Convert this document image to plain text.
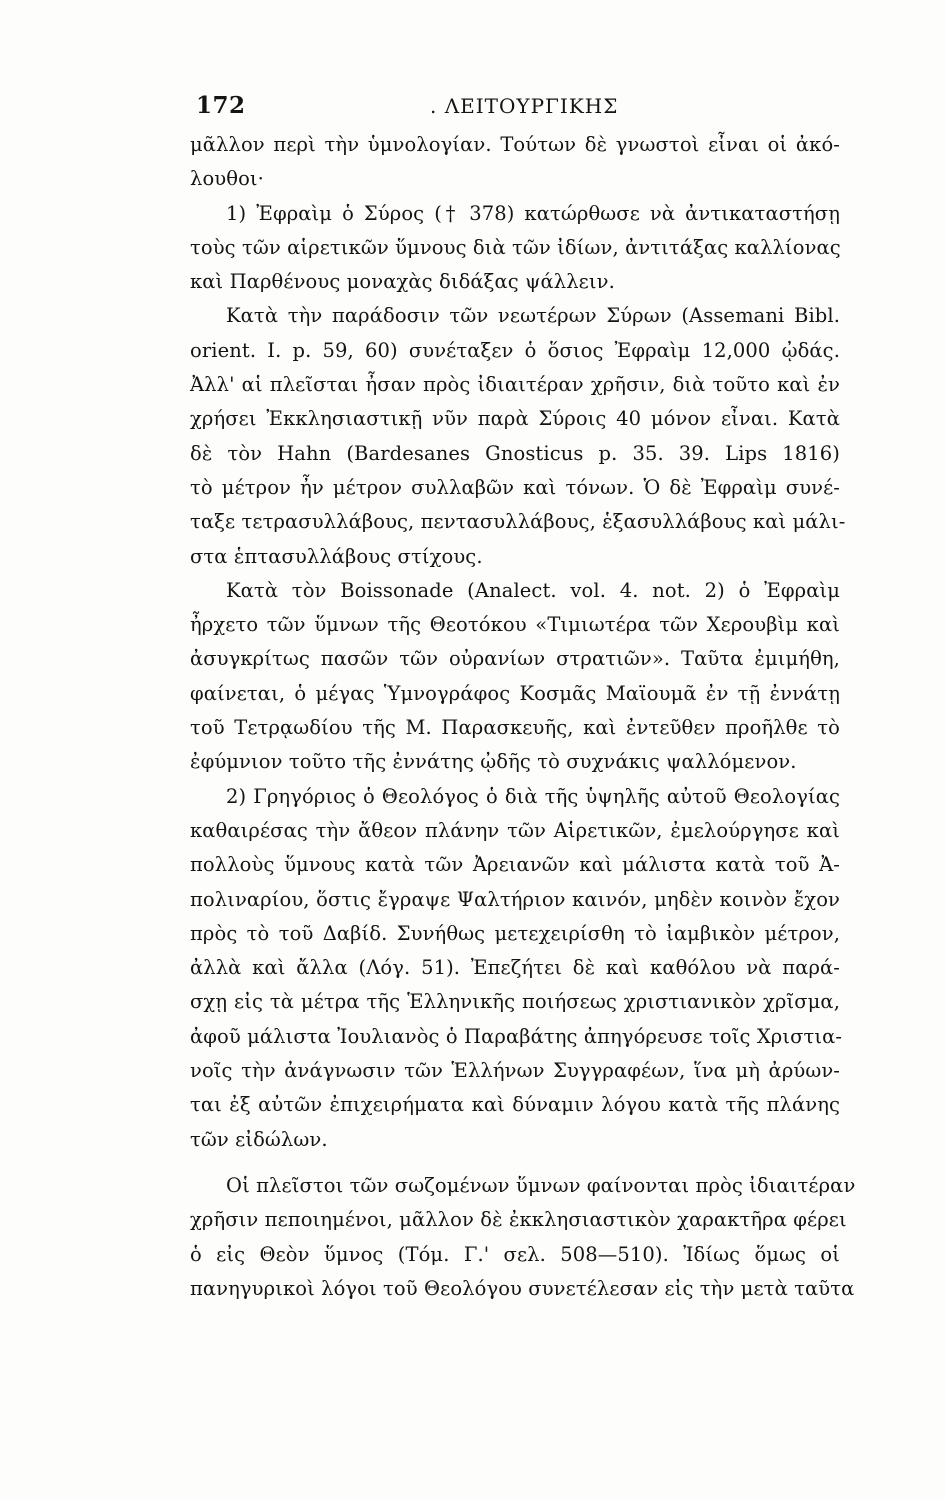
172	. ΛΕΙΤΟΥΡΓΙΚΗΣ
μᾶλλον περὶ τὴν ὑμνολογίαν. Τούτων δὲ γνωστοὶ εἶναι οἱ ἀκό-
λουθοι·
1) Ἐφραὶμ ὁ Σύρος († 378) κατώρθωσε νὰ ἀντικαταστήσῃ
τοὺς τῶν αἱρετικῶν ὕμνους διὰ τῶν ἰδίων, ἀντιτάξας καλλίονας
καὶ Παρθένους μοναχὰς διδάξας ψάλλειν.
Κατὰ τὴν παράδοσιν τῶν νεωτέρων Σύρων (Assemani Bibl.
orient. I. p. 59, 60) συνέταξεν ὁ ὅσιος Ἐφραὶμ 12,000 ᾠδάς.
Ἀλλ' αἱ πλεῖσται ἦσαν πρὸς ἰδιαιτέραν χρῆσιν, διὰ τοῦτο καὶ ἐν
χρήσει Ἐκκλησιαστικῇ νῦν παρὰ Σύροις 40 μόνον εἶναι. Κατὰ
δὲ τὸν Hahn (Bardesanes Gnosticus p. 35. 39. Lips 1816)
τὸ μέτρον ἦν μέτρον συλλαβῶν καὶ τόνων. Ὁ δὲ Ἐφραὶμ συνέ-
ταξε τετρασυλλάβους, πεντασυλλάβους, ἑξασυλλάβους καὶ μάλι-
στα ἑπτασυλλάβους στίχους.
Κατὰ τὸν Boissonade (Analect. vol. 4. not. 2) ὁ Ἐφραὶμ
ἦρχετο τῶν ὕμνων τῆς Θεοτόκου «Τιμιωτέρα τῶν Χερουβὶμ καὶ
ἀσυγκρίτως πασῶν τῶν οὐρανίων στρατιῶν». Ταῦτα ἐμιμήθη,
φαίνεται, ὁ μέγας Ὑμνογράφος Κοσμᾶς Μαϊουμᾶ ἐν τῇ ἐννάτῃ
τοῦ Τετρᾳωδίου τῆς Μ. Παρασκευῆς, καὶ ἐντεῦθεν προῆλθε τὸ
ἐφύμνιον τοῦτο τῆς ἐννάτης ᾠδῆς τὸ συχνάκις ψαλλόμενον.
2) Γρηγόριος ὁ Θεολόγος ὁ διὰ τῆς ὑψηλῆς αὐτοῦ Θεολογίας
καθαιρέσας τὴν ἄθεον πλάνην τῶν Αἱρετικῶν, ἐμελούργησε καὶ
πολλοὺς ὕμνους κατὰ τῶν Ἀρειανῶν καὶ μάλιστα κατὰ τοῦ Ἀ-
πολιναρίου, ὅστις ἔγραψε Ψαλτήριον καινόν, μηδὲν κοινὸν ἔχον
πρὸς τὸ τοῦ Δαβίδ. Συνήθως μετεχειρίσθη τὸ ἰαμβικὸν μέτρον,
ἀλλὰ καὶ ἄλλα (Λόγ. 51). Ἐπεζήτει δὲ καὶ καθόλου νὰ παρά-
σχῃ εἰς τὰ μέτρα τῆς Ἑλληνικῆς ποιήσεως χριστιανικὸν χρῖσμα,
ἀφοῦ μάλιστα Ἰουλιανὸς ὁ Παραβάτης ἀπηγόρευσε τοῖς Χριστια-
νοῖς τὴν ἀνάγνωσιν τῶν Ἑλλήνων Συγγραφέων, ἵνα μὴ ἀρύων-
ται ἐξ αὐτῶν ἐπιχειρήματα καὶ δύναμιν λόγου κατὰ τῆς πλάνης
τῶν εἰδώλων.
Οἱ πλεῖστοι τῶν σωζομένων ὕμνων φαίνονται πρὸς ἰδιαιτέραν
χρῆσιν πεποιημένοι, μᾶλλον δὲ ἐκκλησιαστικὸν χαρακτῆρα φέρει
ὁ εἰς Θεὸν ὕμνος (Τόμ. Γ.' σελ. 508—510). Ἰδίως ὅμως οἱ
πανηγυρικοὶ λόγοι τοῦ Θεολόγου συνετέλεσαν εἰς τὴν μετὰ ταῦτα
